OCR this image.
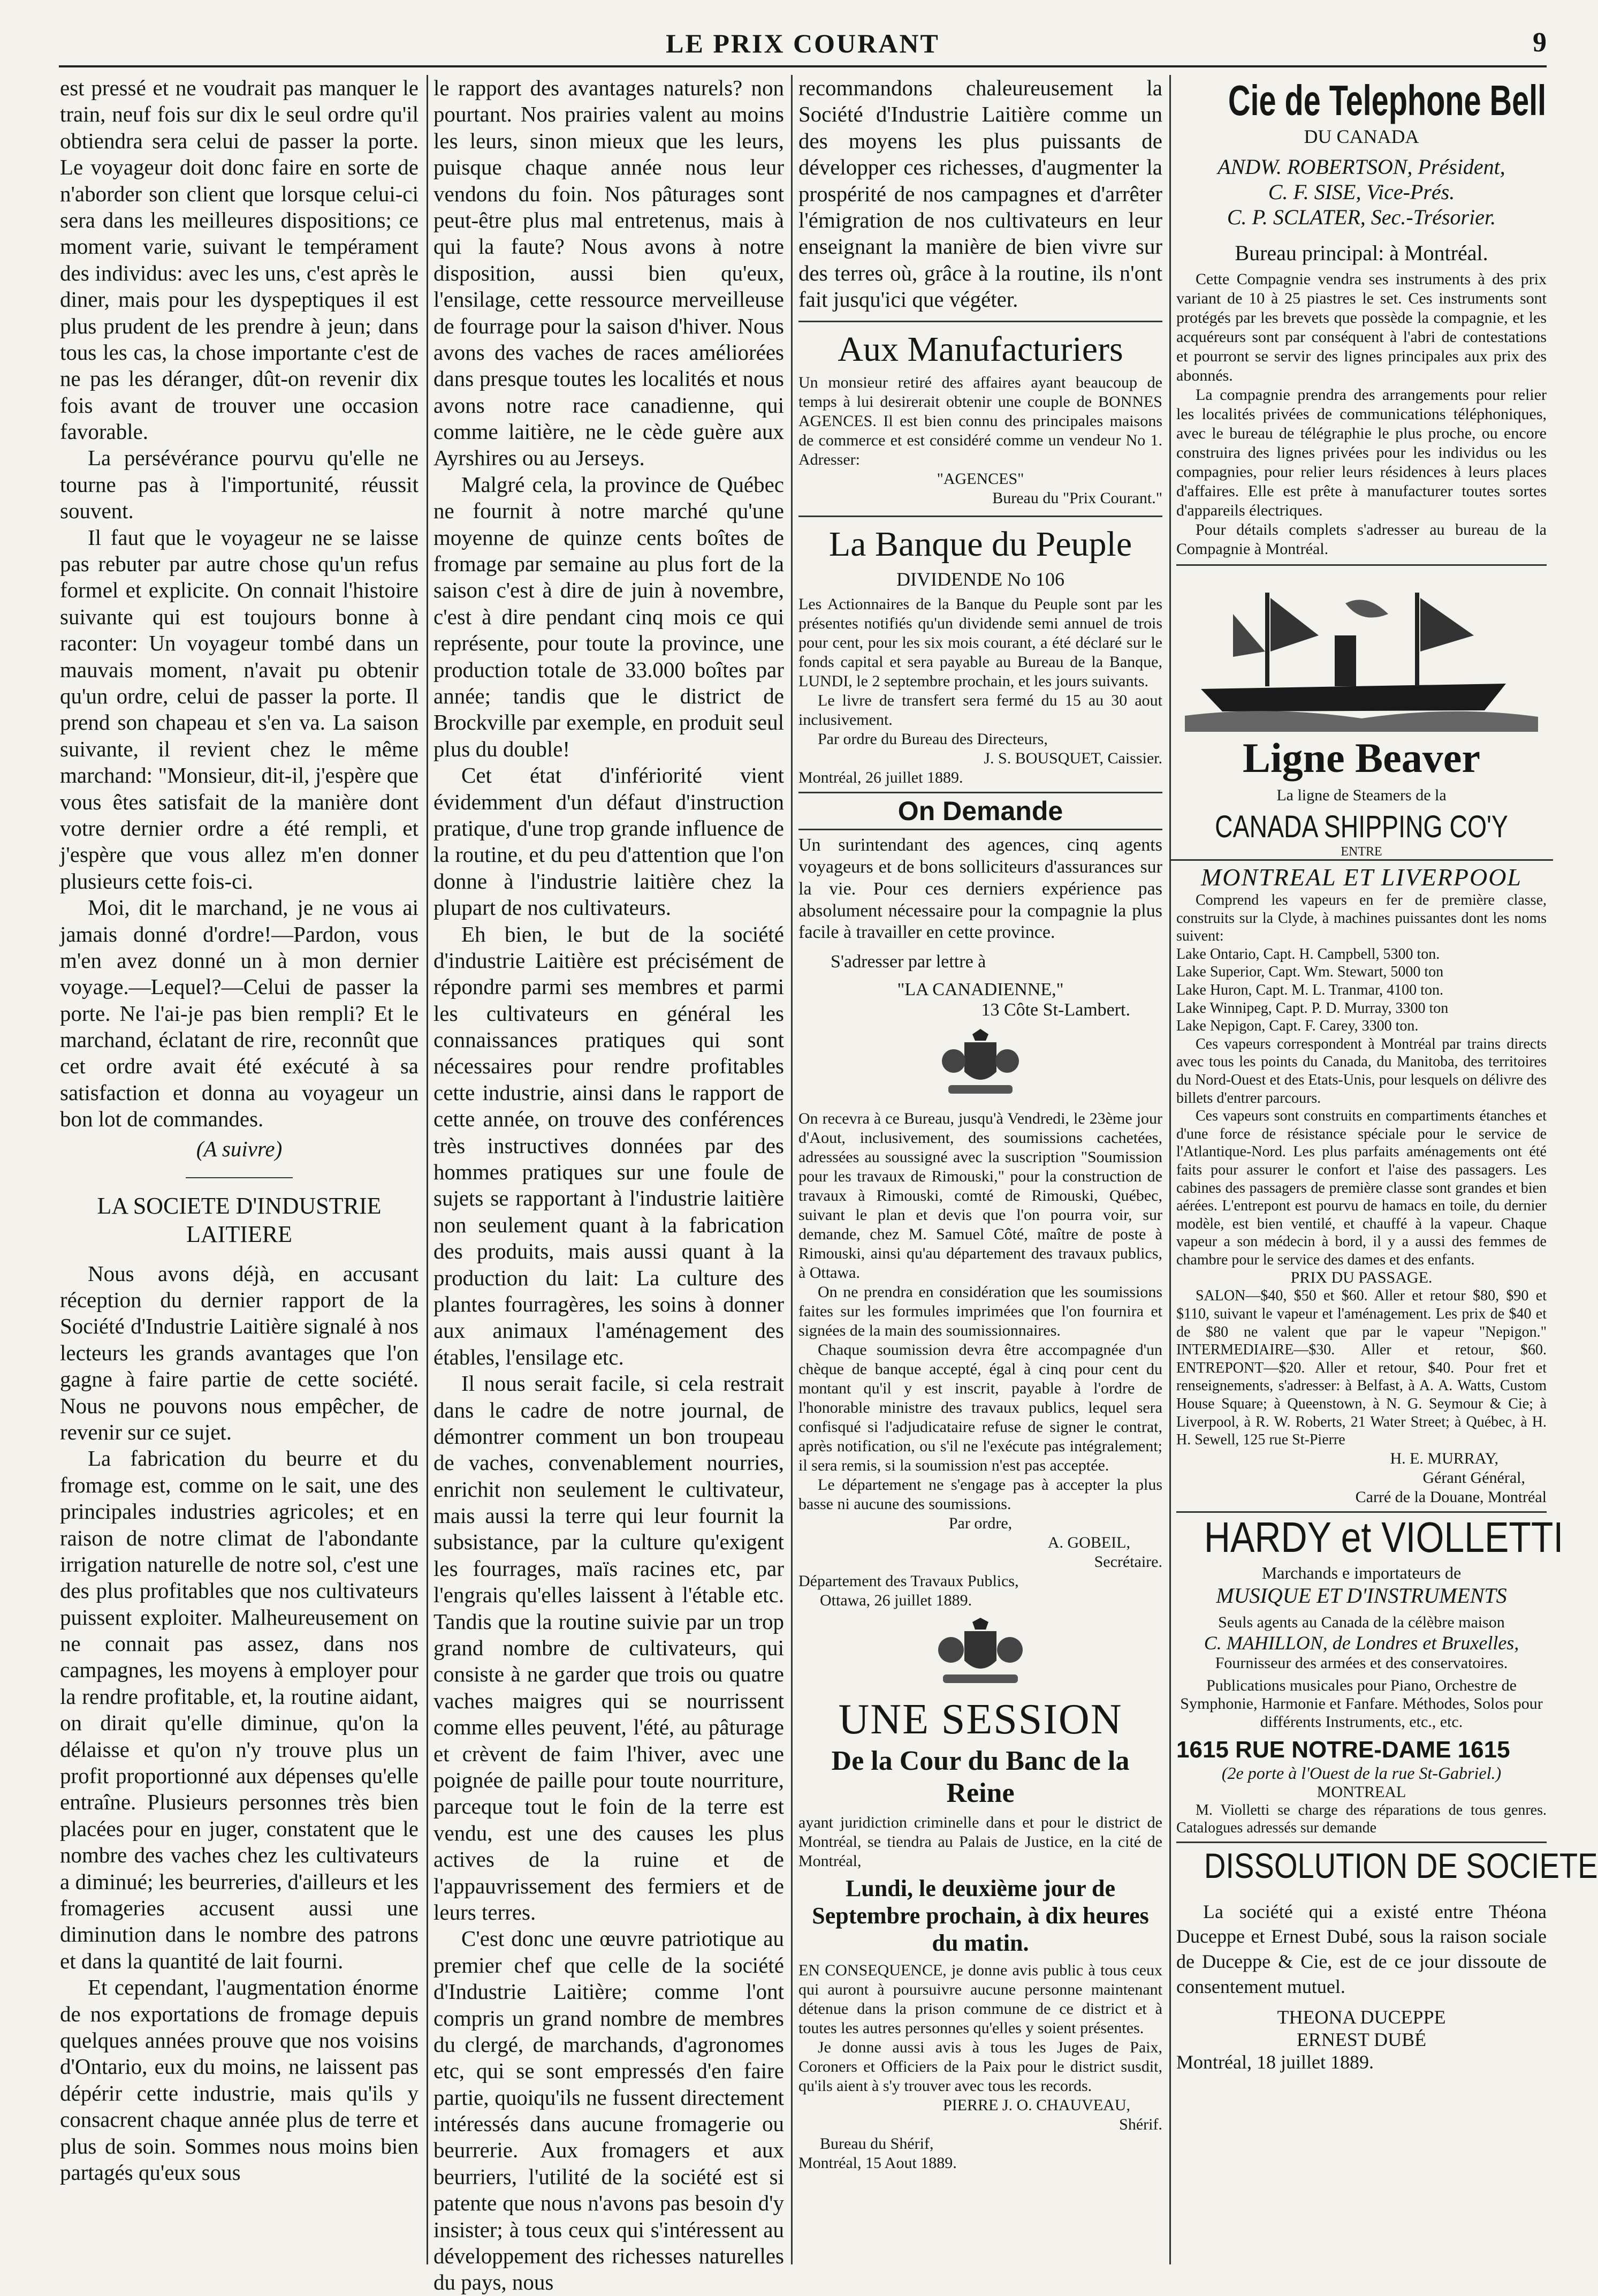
LE PRIX COURANT	9

est pressé et ne voudrait pas manquer le train, neuf fois sur dix le seul ordre qu'il obtiendra sera celui de passer la porte. Le voyageur doit donc faire en sorte de n'aborder son client que lorsque celui-ci sera dans les meilleures dispositions; ce moment varie, suivant le tempérament des individus: avec les uns, c'est après le diner, mais pour les dyspeptiques il est plus prudent de les prendre à jeun; dans tous les cas, la chose importante c'est de ne pas les déranger, dût-on revenir dix fois avant de trouver une occasion favorable.

La persévérance pourvu qu'elle ne tourne pas à l'importunité, réussit souvent.

Il faut que le voyageur ne se laisse pas rebuter par autre chose qu'un refus formel et explicite. On connait l'histoire suivante qui est toujours bonne à raconter: Un voyageur tombé dans un mauvais moment, n'avait pu obtenir qu'un ordre, celui de passer la porte. Il prend son chapeau et s'en va. La saison suivante, il revient chez le même marchand: "Monsieur, dit-il, j'espère que vous êtes satisfait de la manière dont votre dernier ordre a été rempli, et j'espère que vous allez m'en donner plusieurs cette fois-ci.

Moi, dit le marchand, je ne vous ai jamais donné d'ordre!—Pardon, vous m'en avez donné un à mon dernier voyage.—Lequel?—Celui de passer la porte. Ne l'ai-je pas bien rempli? Et le marchand, éclatant de rire, reconnût que cet ordre avait été exécuté à sa satisfaction et donna au voyageur un bon lot de commandes.

(A suivre)
LA SOCIETE D'INDUSTRIE LAITIERE

Nous avons déjà, en accusant réception du dernier rapport de la Société d'Industrie Laitière signalé à nos lecteurs les grands avantages que l'on gagne à faire partie de cette société. Nous ne pouvons nous empêcher, de revenir sur ce sujet.

La fabrication du beurre et du fromage est, comme on le sait, une des principales industries agricoles; et en raison de notre climat de l'abondante irrigation naturelle de notre sol, c'est une des plus profitables que nos cultivateurs puissent exploiter. Malheureusement on ne connait pas assez, dans nos campagnes, les moyens à employer pour la rendre profitable, et, la routine aidant, on dirait qu'elle diminue, qu'on la délaisse et qu'on n'y trouve plus un profit proportionné aux dépenses qu'elle entraîne. Plusieurs personnes très bien placées pour en juger, constatent que le nombre des vaches chez les cultivateurs a diminué; les beurreries, d'ailleurs et les fromageries accusent aussi une diminution dans le nombre des patrons et dans la quantité de lait fourni.

Et cependant, l'augmentation énorme de nos exportations de fromage depuis quelques années prouve que nos voisins d'Ontario, eux du moins, ne laissent pas dépérir cette industrie, mais qu'ils y consacrent chaque année plus de terre et plus de soin. Sommes nous moins bien partagés qu'eux sous

le rapport des avantages naturels? non pourtant. Nos prairies valent au moins les leurs, sinon mieux que les leurs, puisque chaque année nous leur vendons du foin. Nos pâturages sont peut-être plus mal entretenus, mais à qui la faute? Nous avons à notre disposition, aussi bien qu'eux, l'ensilage, cette ressource merveilleuse de fourrage pour la saison d'hiver. Nous avons des vaches de races améliorées dans presque toutes les localités et nous avons notre race canadienne, qui comme laitière, ne le cède guère aux Ayrshires ou au Jerseys.

Malgré cela, la province de Québec ne fournit à notre marché qu'une moyenne de quinze cents boîtes de fromage par semaine au plus fort de la saison c'est à dire de juin à novembre, c'est à dire pendant cinq mois ce qui représente, pour toute la province, une production totale de 33.000 boîtes par année; tandis que le district de Brockville par exemple, en produit seul plus du double!

Cet état d'infériorité vient évidemment d'un défaut d'instruction pratique, d'une trop grande influence de la routine, et du peu d'attention que l'on donne à l'industrie laitière chez la plupart de nos cultivateurs.

Eh bien, le but de la société d'industrie Laitière est précisément de répondre parmi ses membres et parmi les cultivateurs en général les connaissances pratiques qui sont nécessaires pour rendre profitables cette industrie, ainsi dans le rapport de cette année, on trouve des conférences très instructives données par des hommes pratiques sur une foule de sujets se rapportant à l'industrie laitière non seulement quant à la fabrication des produits, mais aussi quant à la production du lait: La culture des plantes fourragères, les soins à donner aux animaux l'aménagement des étables, l'ensilage etc.

Il nous serait facile, si cela restrait dans le cadre de notre journal, de démontrer comment un bon troupeau de vaches, convenablement nourries, enrichit non seulement le cultivateur, mais aussi la terre qui leur fournit la subsistance, par la culture qu'exigent les fourrages, maïs racines etc, par l'engrais qu'elles laissent à l'étable etc. Tandis que la routine suivie par un trop grand nombre de cultivateurs, qui consiste à ne garder que trois ou quatre vaches maigres qui se nourrissent comme elles peuvent, l'été, au pâturage et crèvent de faim l'hiver, avec une poignée de paille pour toute nourriture, parceque tout le foin de la terre est vendu, est une des causes les plus actives de la ruine et de l'appauvrissement des fermiers et de leurs terres.

C'est donc une œuvre patriotique au premier chef que celle de la société d'Industrie Laitière; comme l'ont compris un grand nombre de membres du clergé, de marchands, d'agronomes etc, qui se sont empressés d'en faire partie, quoiqu'ils ne fussent directement intéressés dans aucune fromagerie ou beurrerie. Aux fromagers et aux beurriers, l'utilité de la société est si patente que nous n'avons pas besoin d'y insister; à tous ceux qui s'intéressent au développement des richesses naturelles du pays, nous

recommandons chaleureusement la Société d'Industrie Laitière comme un des moyens les plus puissants de développer ces richesses, d'augmenter la prospérité de nos campagnes et d'arrêter l'émigration de nos cultivateurs en leur enseignant la manière de bien vivre sur des terres où, grâce à la routine, ils n'ont fait jusqu'ici que végéter.

Aux Manufacturiers
Un monsieur retiré des affaires ayant beaucoup de temps à lui desirerait obtenir une couple de BONNES AGENCES. Il est bien connu des principales maisons de commerce et est considéré comme un vendeur No 1. Adresser:
"AGENCES"
Bureau du "Prix Courant."
La Banque du Peuple
DIVIDENDE No 106
Les Actionnaires de la Banque du Peuple sont par les présentes notifiés qu'un dividende semi annuel de trois pour cent, pour les six mois courant, a été déclaré sur le fonds capital et sera payable au Bureau de la Banque, LUNDI, le 2 septembre prochain, et les jours suivants.
Le livre de transfert sera fermé du 15 au 30 aout inclusivement.
Par ordre du Bureau des Directeurs,
J. S. BOUSQUET, Caissier.
Montréal, 26 juillet 1889.
On Demande
Un surintendant des agences, cinq agents voyageurs et de bons solliciteurs d'assurances sur la vie. Pour ces derniers expérience pas absolument nécessaire pour la compagnie la plus facile à travailler en cette province.
S'adresser par lettre à
"LA CANADIENNE,"
13 Côte St-Lambert.
On recevra à ce Bureau, jusqu'à Vendredi, le 23ème jour d'Aout, inclusivement, des soumissions cachetées, adressées au soussigné avec la suscription "Soumission pour les travaux de Rimouski," pour la construction de travaux à Rimouski, comté de Rimouski, Québec, suivant le plan et devis que l'on pourra voir, sur demande, chez M. Samuel Côté, maître de poste à Rimouski, ainsi qu'au département des travaux publics, à Ottawa.
On ne prendra en considération que les soumissions faites sur les formules imprimées que l'on fournira et signées de la main des soumissionnaires.
Chaque soumission devra être accompagnée d'un chèque de banque accepté, égal à cinq pour cent du montant qu'il y est inscrit, payable à l'ordre de l'honorable ministre des travaux publics, lequel sera confisqué si l'adjudicataire refuse de signer le contrat, après notification, ou s'il ne l'exécute pas intégralement; il sera remis, si la soumission n'est pas acceptée.
Le département ne s'engage pas à accepter la plus basse ni aucune des soumissions.
Par ordre,
A. GOBEIL,
Secrétaire.
Département des Travaux Publics,
Ottawa, 26 juillet 1889.
UNE SESSION
De la Cour du Banc de la Reine
ayant juridiction criminelle dans et pour le district de Montréal, se tiendra au Palais de Justice, en la cité de Montréal,
Lundi, le deuxième jour de Septembre prochain, à dix heures du matin.
EN CONSEQUENCE, je donne avis public à tous ceux qui auront à poursuivre aucune personne maintenant détenue dans la prison commune de ce district et à toutes les autres personnes qu'elles y soient présentes.
Je donne aussi avis à tous les Juges de Paix, Coroners et Officiers de la Paix pour le district susdit, qu'ils aient à s'y trouver avec tous les records.
PIERRE J. O. CHAUVEAU,
Shérif.
Bureau du Shérif,
Montréal, 15 Aout 1889.
Cie de Telephone Bell
DU CANADA
ANDW. ROBERTSON, Président,
C. F. SISE, Vice-Prés.
C. P. SCLATER, Sec.-Trésorier.
Bureau principal: à Montréal.
Cette Compagnie vendra ses instruments à des prix variant de 10 à 25 piastres le set. Ces instruments sont protégés par les brevets que possède la compagnie, et les acquéreurs sont par conséquent à l'abri de contestations et pourront se servir des lignes principales aux prix des abonnés.
La compagnie prendra des arrangements pour relier les localités privées de communications téléphoniques, avec le bureau de télégraphie le plus proche, ou encore construira des lignes privées pour les individus ou les compagnies, pour relier leurs résidences à leurs places d'affaires. Elle est prête à manufacturer toutes sortes d'appareils électriques.
Pour détails complets s'adresser au bureau de la Compagnie à Montréal.
Ligne Beaver
La ligne de Steamers de la
CANADA SHIPPING CO'Y
ENTRE
MONTREAL ET LIVERPOOL
Comprend les vapeurs en fer de première classe, construits sur la Clyde, à machines puissantes dont les noms suivent:
Lake Ontario, Capt. H. Campbell, 5300 ton.
Lake Superior, Capt. Wm. Stewart, 5000 ton
Lake Huron, Capt. M. L. Tranmar, 4100 ton.
Lake Winnipeg, Capt. P. D. Murray, 3300 ton
Lake Nepigon, Capt. F. Carey, 3300 ton.
Ces vapeurs correspondent à Montréal par trains directs avec tous les points du Canada, du Manitoba, des territoires du Nord-Ouest et des Etats-Unis, pour lesquels on délivre des billets d'entrer parcours.
Ces vapeurs sont construits en compartiments étanches et d'une force de résistance spéciale pour le service de l'Atlantique-Nord. Les plus parfaits aménagements ont été faits pour assurer le confort et l'aise des passagers. Les cabines des passagers de première classe sont grandes et bien aérées. L'entrepont est pourvu de hamacs en toile, du dernier modèle, est bien ventilé, et chauffé à la vapeur. Chaque vapeur a son médecin à bord, il y a aussi des femmes de chambre pour le service des dames et des enfants.
PRIX DU PASSAGE.
SALON—$40, $50 et $60. Aller et retour $80, $90 et $110, suivant le vapeur et l'aménagement. Les prix de $40 et de $80 ne valent que par le vapeur "Nepigon." INTERMEDIAIRE—$30. Aller et retour, $60. ENTREPONT—$20. Aller et retour, $40. Pour fret et renseignements, s'adresser: à Belfast, à A. A. Watts, Custom House Square; à Queenstown, à N. G. Seymour & Cie; à Liverpool, à R. W. Roberts, 21 Water Street; à Québec, à H. H. Sewell, 125 rue St-Pierre
H. E. MURRAY,
Gérant Général,
Carré de la Douane, Montréal
HARDY et VIOLLETTI
Marchands e importateurs de
MUSIQUE ET D'INSTRUMENTS
Seuls agents au Canada de la célèbre maison
C. MAHILLON, de Londres et Bruxelles,
Fournisseur des armées et des conservatoires.
Publications musicales pour Piano, Orchestre de Symphonie, Harmonie et Fanfare. Méthodes, Solos pour différents Instruments, etc., etc.
1615 RUE NOTRE-DAME 1615
(2e porte à l'Ouest de la rue St-Gabriel.)
MONTREAL
M. Violletti se charge des réparations de tous genres. Catalogues adressés sur demande
DISSOLUTION DE SOCIETE
La société qui a existé entre Théona Duceppe et Ernest Dubé, sous la raison sociale de Duceppe & Cie, est de ce jour dissoute de consentement mutuel.
THEONA DUCEPPE
ERNEST DUBÉ
Montréal, 18 juillet 1889.
